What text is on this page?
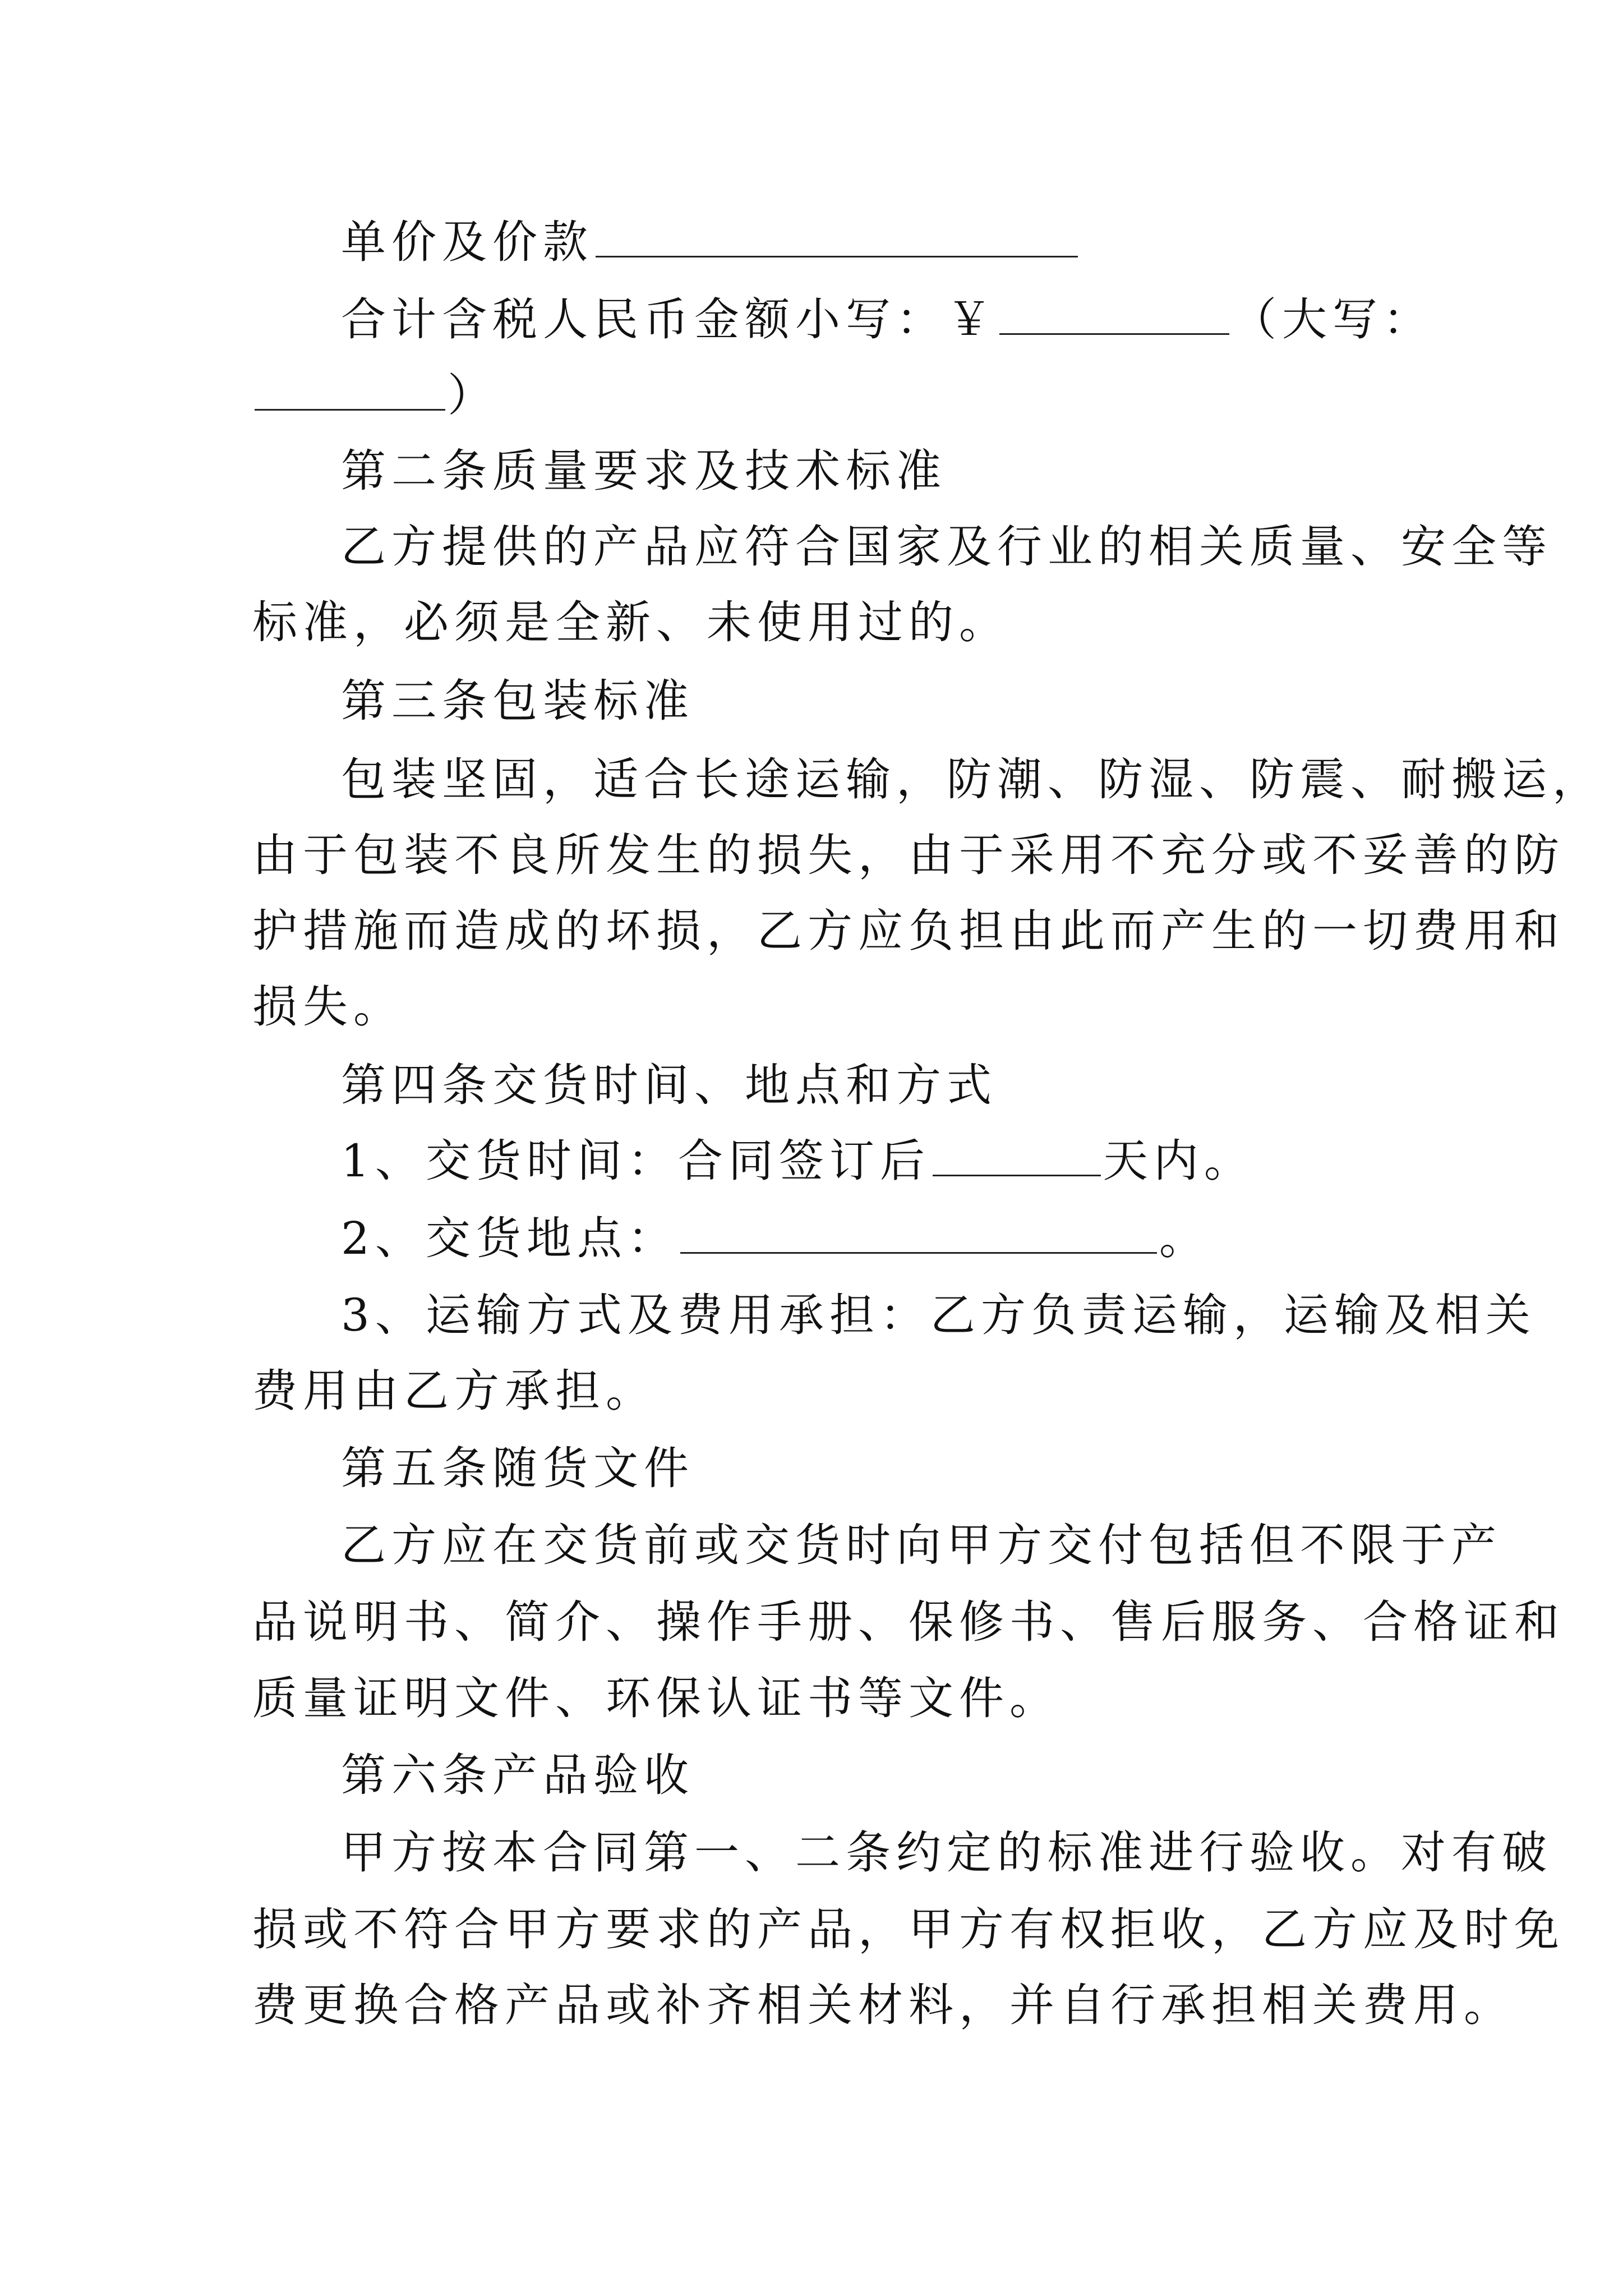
单价及价款
合计含税人民币金额小写：￥	（大写：
）
第二条质量要求及技术标准
乙方提供的产品应符合国家及行业的相关质量、安全等
标准，必须是全新、未使用过的。
第三条包装标准
包装坚固，适合长途运输，防潮、防湿、防震、耐搬运，
由于包装不良所发生的损失，由于采用不充分或不妥善的防
护措施而造成的坏损，乙方应负担由此而产生的一切费用和
损失。
第四条交货时间、地点和方式
1、交货时间：合同签订后	天内。
2、交货地点：	。
3、运输方式及费用承担：乙方负责运输，运输及相关
费用由乙方承担。
第五条随货文件
乙方应在交货前或交货时向甲方交付包括但不限于产
品说明书、简介、操作手册、保修书、售后服务、合格证和
质量证明文件、环保认证书等文件。
第六条产品验收
甲方按本合同第一、二条约定的标准进行验收。对有破
损或不符合甲方要求的产品，甲方有权拒收，乙方应及时免
费更换合格产品或补齐相关材料，并自行承担相关费用。
